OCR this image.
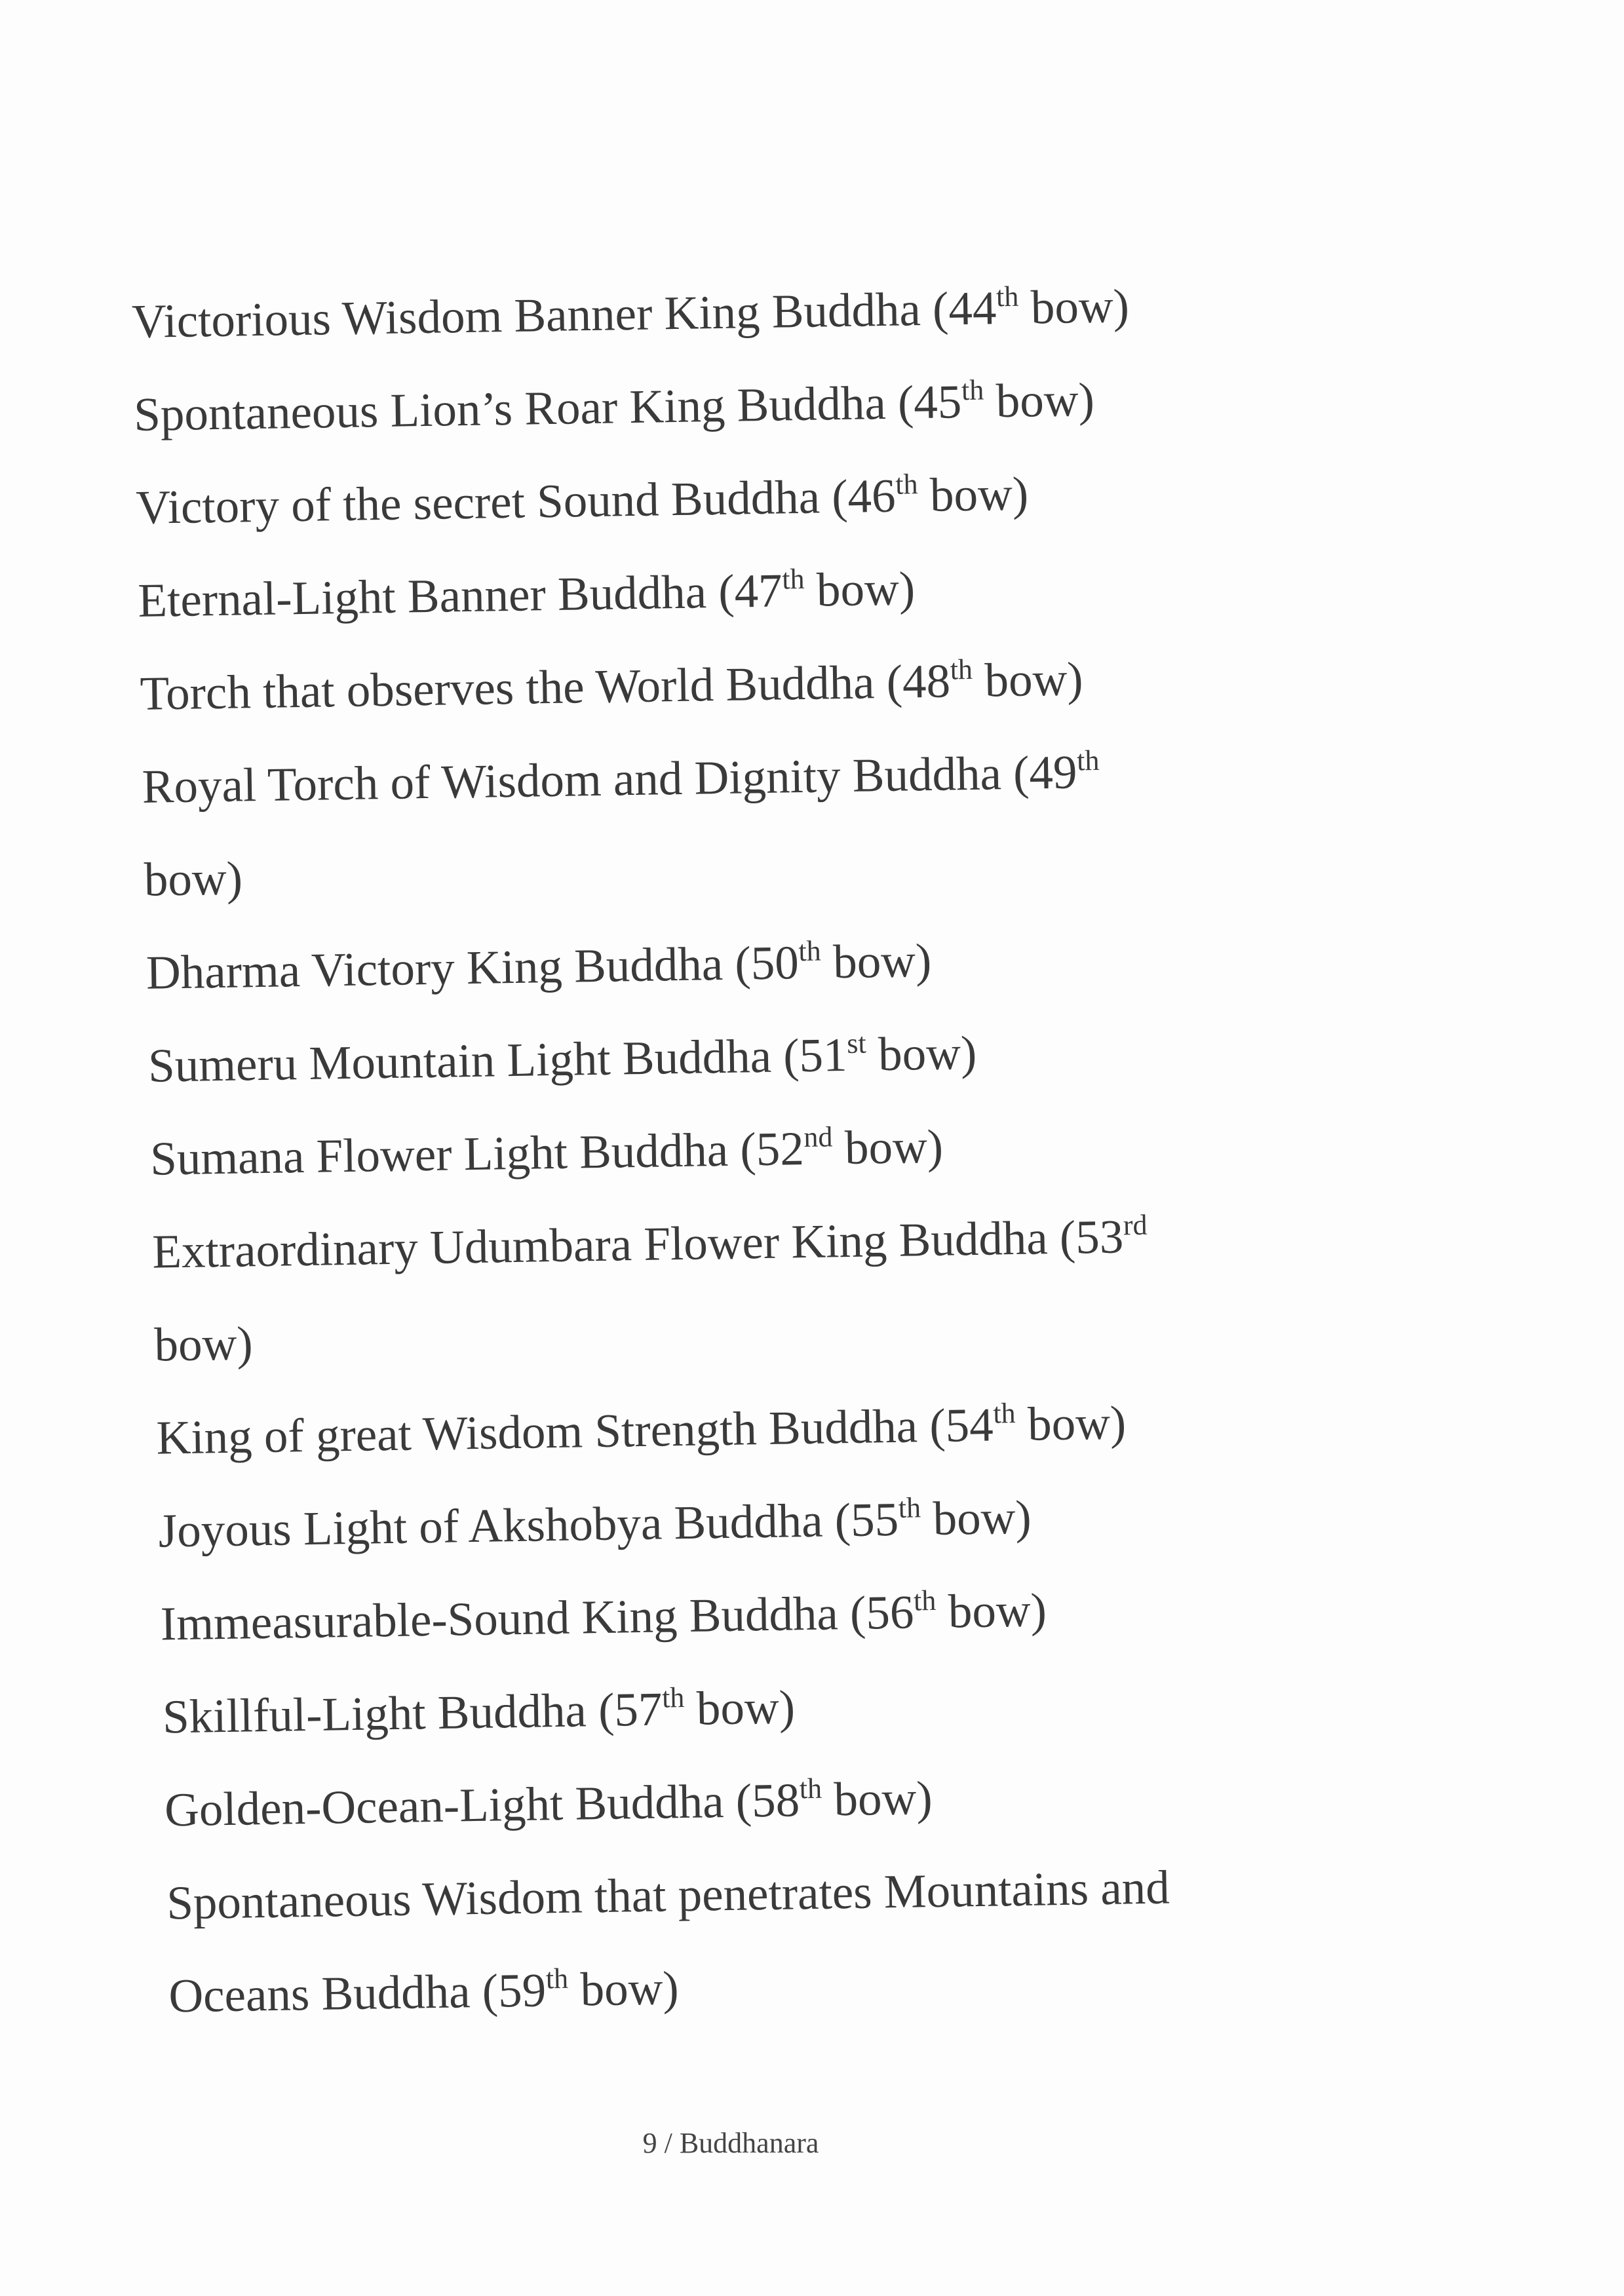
Victorious Wisdom Banner King Buddha (44th bow)
Spontaneous Lion’s Roar King Buddha (45th bow)
Victory of the secret Sound Buddha (46th bow)
Eternal-Light Banner Buddha (47th bow)
Torch that observes the World Buddha (48th bow)
Royal Torch of Wisdom and Dignity Buddha (49th
bow)
Dharma Victory King Buddha (50th bow)
Sumeru Mountain Light Buddha (51st bow)
Sumana Flower Light Buddha (52nd bow)
Extraordinary Udumbara Flower King Buddha (53rd
bow)
King of great Wisdom Strength Buddha (54th bow)
Joyous Light of Akshobya Buddha (55th bow)
Immeasurable-Sound King Buddha (56th bow)
Skillful-Light Buddha (57th bow)
Golden-Ocean-Light Buddha (58th bow)
Spontaneous Wisdom that penetrates Mountains and
Oceans Buddha (59th bow)
9 / Buddhanara
